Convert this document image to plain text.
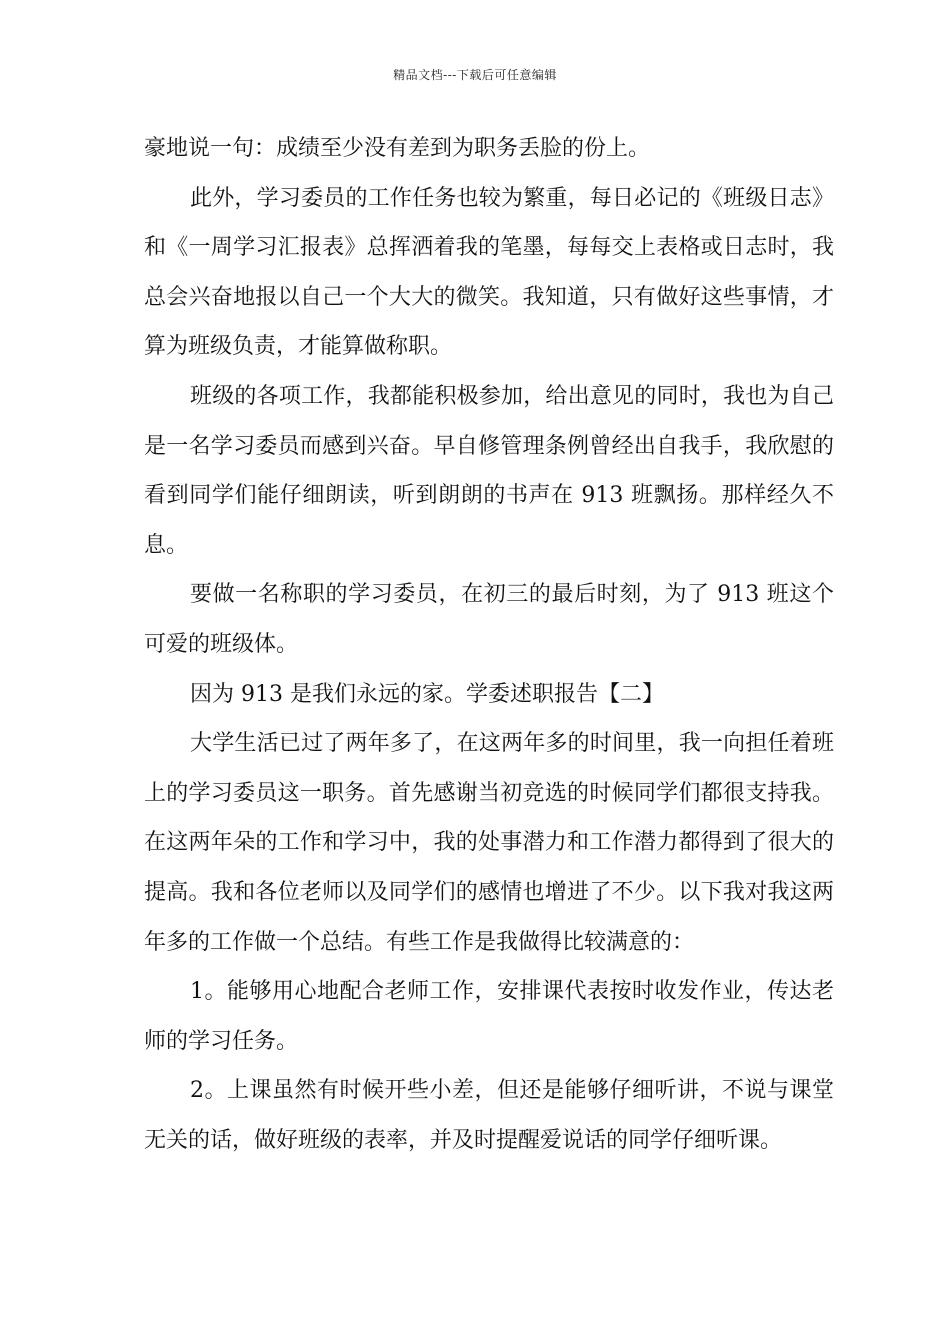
精品文档---下载后可任意编辑

豪地说一句：成绩至少没有差到为职务丢脸的份上。

此外，学习委员的工作任务也较为繁重，每日必记的《班级日志》和《一周学习汇报表》总挥洒着我的笔墨，每每交上表格或日志时，我总会兴奋地报以自己一个大大的微笑。我知道，只有做好这些事情，才算为班级负责，才能算做称职。

班级的各项工作，我都能积极参加，给出意见的同时，我也为自己是一名学习委员而感到兴奋。早自修管理条例曾经出自我手，我欣慰的看到同学们能仔细朗读，听到朗朗的书声在 913 班飘扬。那样经久不息。

要做一名称职的学习委员，在初三的最后时刻，为了 913 班这个可爱的班级体。

因为 913 是我们永远的家。学委述职报告【二】

大学生活已过了两年多了，在这两年多的时间里，我一向担任着班上的学习委员这一职务。首先感谢当初竞选的时候同学们都很支持我。在这两年朵的工作和学习中，我的处事潜力和工作潜力都得到了很大的提高。我和各位老师以及同学们的感情也增进了不少。以下我对我这两年多的工作做一个总结。有些工作是我做得比较满意的：

1。能够用心地配合老师工作，安排课代表按时收发作业，传达老师的学习任务。

2。上课虽然有时候开些小差，但还是能够仔细听讲，不说与课堂无关的话，做好班级的表率，并及时提醒爱说话的同学仔细听课。
